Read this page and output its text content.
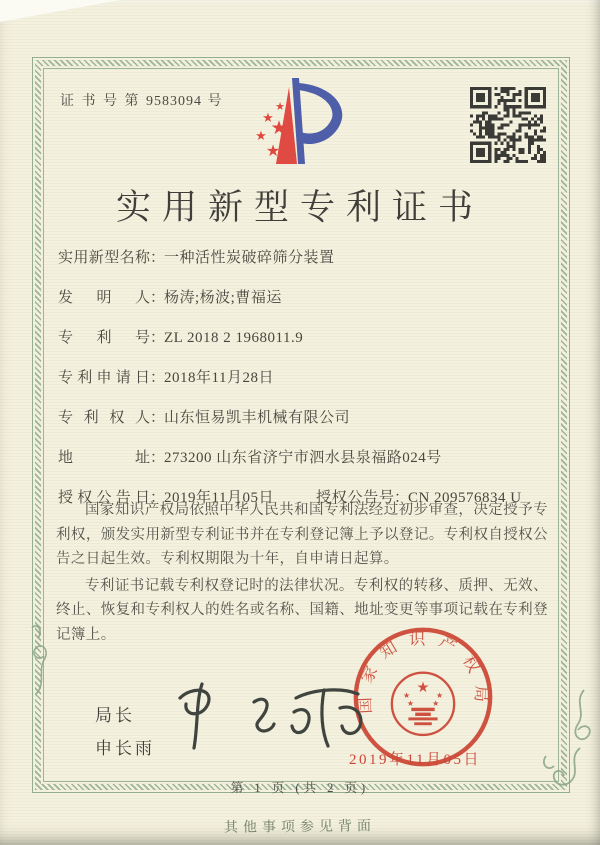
证 书 号 第 9583094 号	★
★
★
★
★
实用新型专利证书
实用新型名称：一种活性炭破碎筛分装置
发明人：杨涛;杨波;曹福运
专利号：ZL 2018 2 1968011.9
专利申请日：2018年11月28日
专利权人：山东恒易凯丰机械有限公司
地址：273200 山东省济宁市泗水县泉福路024号
授权公告日：2019年11月05日	授权公告号：CN 209576834 U

国家知识产权局依照中华人民共和国专利法经过初步审查，决定授予专利权，颁发实用新型专利证书并在专利登记簿上予以登记。专利权自授权公告之日起生效。专利权期限为十年，自申请日起算。

专利证书记载专利权登记时的法律状况。专利权的转移、质押、无效、终止、恢复和专利权人的姓名或名称、国籍、地址变更等事项记载在专利登记簿上。

局长
申长雨
国家知识产权局
★
★	★
★ ★
2019年11月05日
第 1 页 (共 2 页)
其他事项参见背面
